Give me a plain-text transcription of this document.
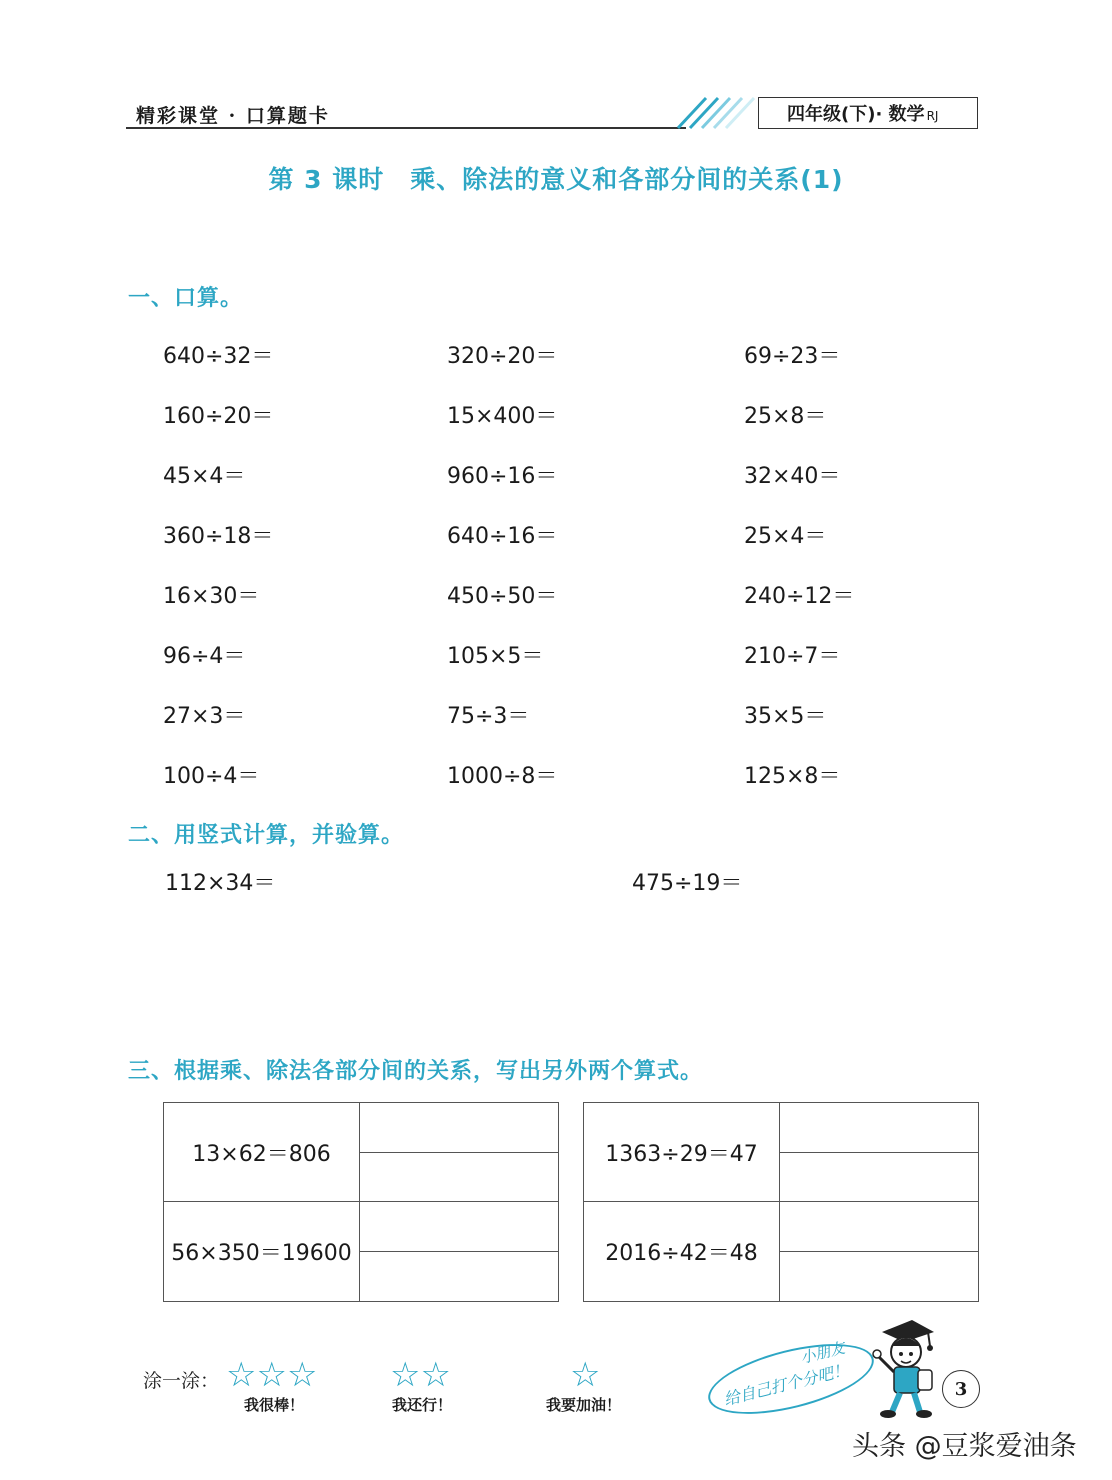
精彩课堂 · 口算题卡	四年级(下)· 数学 RJ
第 3 课时　乘、除法的意义和各部分间的关系(1)
一、口算。
640÷32＝	320÷20＝	69÷23＝
160÷20＝	15×400＝	25×8＝
45×4＝	960÷16＝	32×40＝
360÷18＝	640÷16＝	25×4＝
16×30＝	450÷50＝	240÷12＝
96÷4＝	105×5＝	210÷7＝
27×3＝	75÷3＝	35×5＝
100÷4＝	1000÷8＝	125×8＝
二、用竖式计算，并验算。
112×34＝	475÷19＝
三、根据乘、除法各部分间的关系，写出另外两个算式。
13×62＝806
56×350＝19600
1363÷29＝47
2016÷42＝48
涂一涂： ☆☆☆
我很棒！
☆☆
我还行！
☆
我要加油！
小朋友
给自己打个分吧！	3
头条 @豆浆爱油条
